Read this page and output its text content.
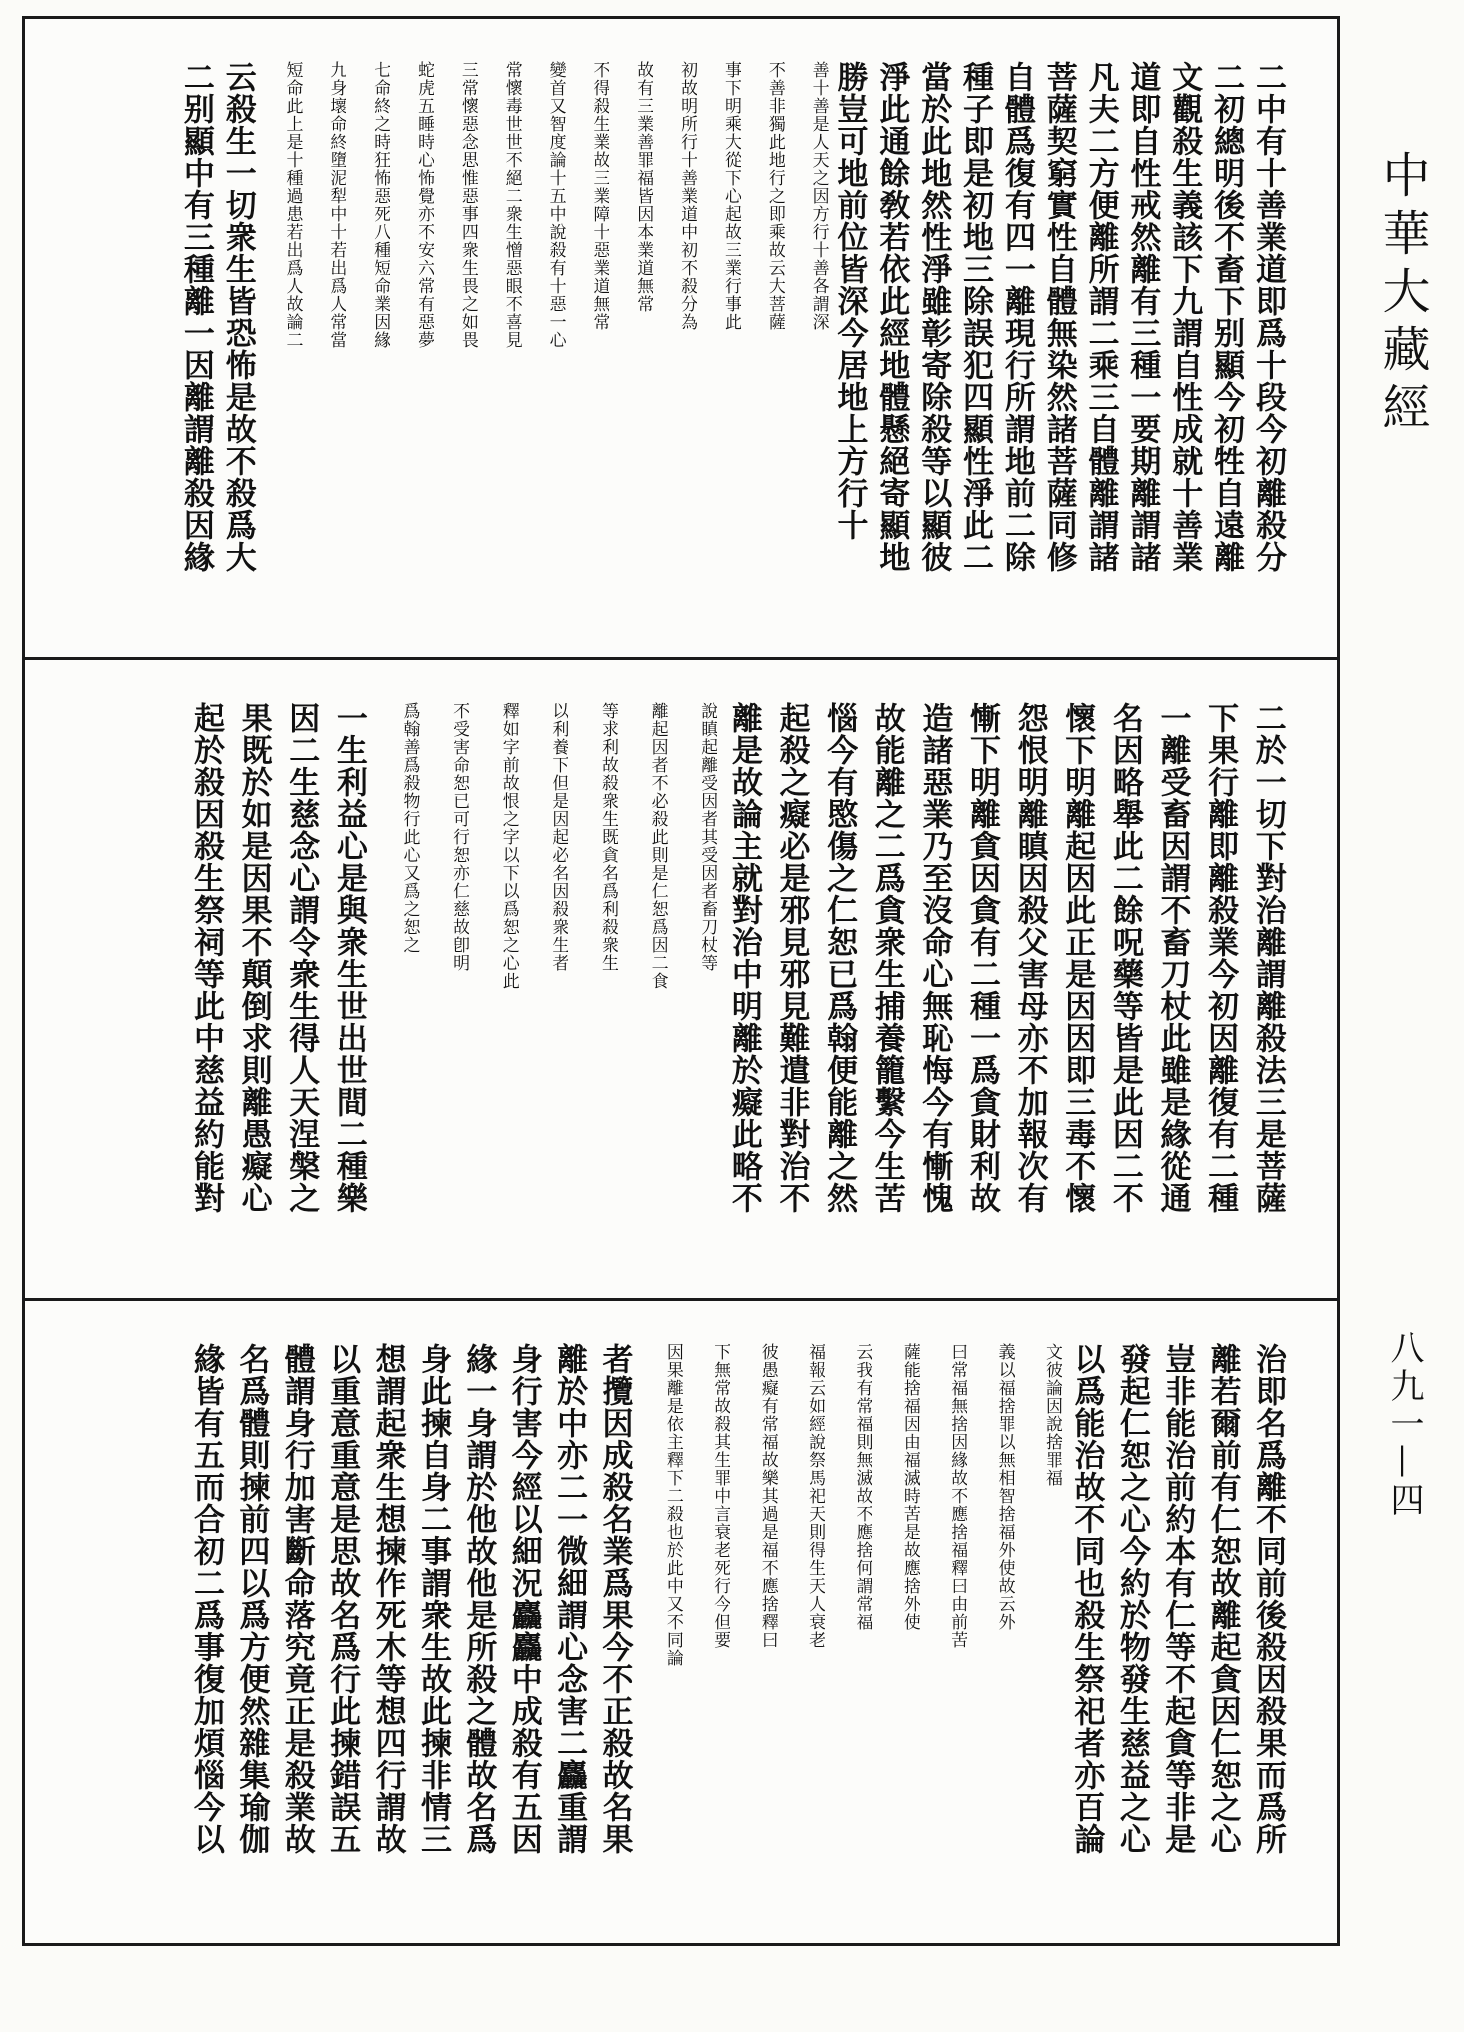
二中有十善業道即爲十段今初離殺分
二初總明後不畜下别顯今初牲自遠離
文觀殺生義該下九謂自性成就十善業
道即自性戒然離有三種一要期離謂諸
凡夫二方便離所謂二乘三自體離謂諸
菩薩契窮實性自體無染然諸菩薩同修
自體爲復有四一離現行所謂地前二除
種子即是初地三除誤犯四顯性淨此二
當於此地然性淨雖彰寄除殺等以顯彼
淨此通餘敎若依此經地體懸絕寄顯地
勝豈可地前位皆深今居地上方行十
善十善是人天之因方行十善各謂深
不善非獨此地行之即乘故云大菩薩
事下明乘大從下心起故三業行事此
初故明所行十善業道中初不殺分為
故有三業善罪福皆因本業道無常
不得殺生業故三業障十惡業道無常
變首又智度論十五中說殺有十惡一心
常懷毒世世不絕二衆生憎惡眼不喜見
三常懷惡念思惟惡事四衆生畏之如畏
蛇虎五睡時心怖覺亦不安六常有惡夢
七命終之時狂怖惡死八種短命業因緣
九身壞命終墮泥犁中十若出爲人常當
短命此上是十種過患若出爲人故論二
云殺生一切衆生皆恐怖是故不殺爲大
二别顯中有三種離一因離謂離殺因緣
二於一切下對治離謂離殺法三是菩薩
下果行離即離殺業今初因離復有二種
一離受畜因謂不畜刀杖此雖是緣從通
名因略舉此二餘呪藥等皆是此因二不
懷下明離起因此正是因因即三毒不懷
怨恨明離瞋因殺父害母亦不加報次有
慚下明離貪因貪有二種一爲貪財利故
造諸惡業乃至沒命心無恥悔今有慚愧
故能離之二爲貪衆生捕養籠繫今生苦
惱今有愍傷之仁恕已爲翰便能離之然
起殺之癡必是邪見邪見難遣非對治不
離是故論主就對治中明離於癡此略不
說瞋起離受因者其受因者畜刀杖等
離起因者不必殺此則是仁恕爲因二食
等求利故殺衆生既貪名爲利殺衆生
以利養下但是因起必名因殺衆生者
釋如字前故恨之字以下以爲恕之心此
不受害命恕已可行恕亦仁慈故卽明
爲翰善爲殺物行此心又爲之恕之
一生利益心是與衆生世出世間二種樂
因二生慈念心謂令衆生得人天涅槃之
果既於如是因果不顛倒求則離愚癡心
起於殺因殺生祭祠等此中慈益約能對
治即名爲離不同前後殺因殺果而爲所
離若爾前有仁恕故離起貪因仁恕之心
豈非能治前約本有仁等不起貪等非是
發起仁恕之心今約於物發生慈益之心
以爲能治故不同也殺生祭祀者亦百論
文彼論因說捨罪福
義以福捨罪以無相智捨福外使故云外
曰常福無捨因緣故不應捨福釋曰由前苦
薩能捨福因由福滅時苦是故應捨外使
云我有常福則無滅故不應捨何謂常福
福報云如經說祭馬祀天則得生天人衰老
彼愚癡有常福故樂其過是福不應捨釋曰
下無常故殺其生罪中言衰老死行今但要
因果離是依主釋下二殺也於此中又不同論
者攬因成殺名業爲果今不正殺故名果
離於中亦二一微細謂心念害二麤重謂
身行害今經以細況麤麤中成殺有五因
緣一身謂於他故他是所殺之體故名爲
身此揀自身二事謂衆生故此揀非情三
想謂起衆生想揀作死木等想四行謂故
以重意重意是思故名爲行此揀錯誤五
體謂身行加害斷命落究竟正是殺業故
名爲體則揀前四以爲方便然雜集瑜伽
緣皆有五而合初二爲事復加煩惱今以
中華大藏經
八九一—四
